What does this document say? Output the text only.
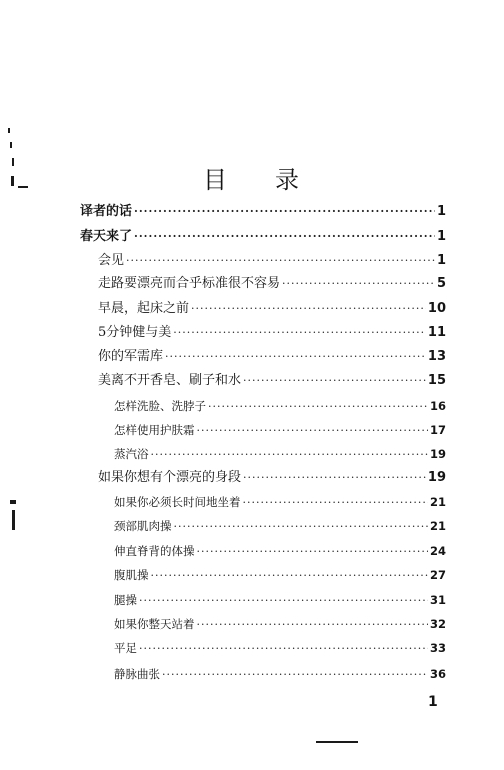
目 录
译者的话 ·····	1
春天来了 ·····	1
会见 ·····	1
走路要漂亮而合乎标准很不容易 ·····	5
早晨，起床之前 ·····	10
5分钟健与美 ·····	11
你的军需库 ·····	13
美离不开香皂、刷子和水 ·····	15
怎样洗脸、洗脖子 ·····	16
怎样使用护肤霜 ·····	17
蒸汽浴 ·····	19
如果你想有个漂亮的身段 ·····	19
如果你必须长时间地坐着 ·····	21
颈部肌肉操 ·····	21
伸直脊背的体操 ·····	24
腹肌操 ·····	27
腿操 ·····	31
如果你整天站着 ·····	32
平足 ·····	33
静脉曲张 ·····	36
1
